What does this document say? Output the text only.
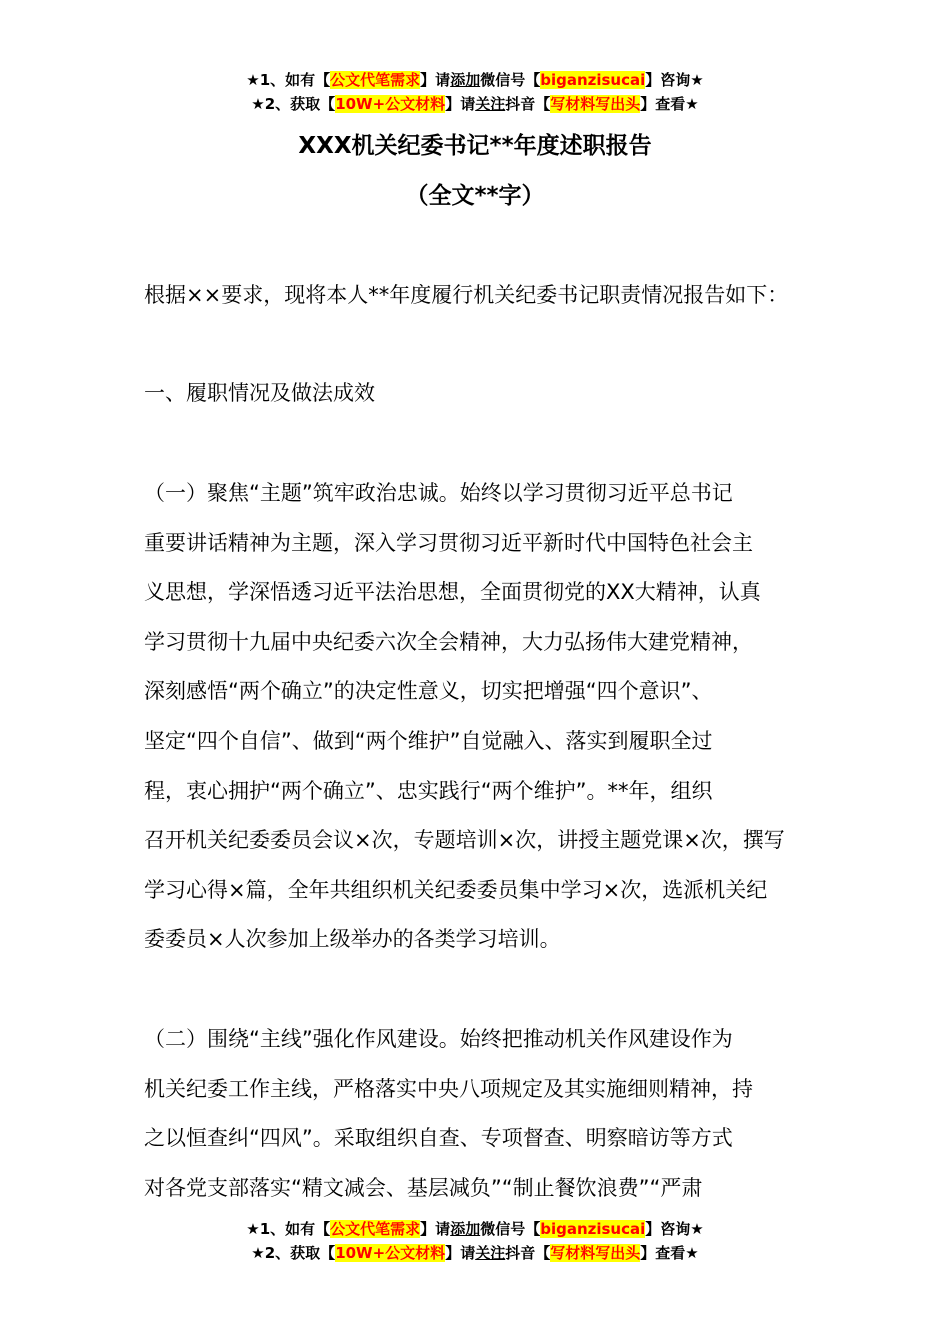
★1、如有【公文代笔需求】请添加微信号【biganzisucai】咨询★
★2、获取【10W+公文材料】请关注抖音【写材料写出头】查看★
XXX机关纪委书记**年度述职报告
（全文**字）

根据××要求，现将本人**年度履行机关纪委书记职责情况报告如下：

一、履职情况及做法成效

（一）聚焦“主题”筑牢政治忠诚。始终以学习贯彻习近平总书记
重要讲话精神为主题，深入学习贯彻习近平新时代中国特色社会主
义思想，学深悟透习近平法治思想，全面贯彻党的XX大精神，认真
学习贯彻十九届中央纪委六次全会精神，大力弘扬伟大建党精神，
深刻感悟“两个确立”的决定性意义，切实把增强“四个意识”、
坚定“四个自信”、做到“两个维护”自觉融入、落实到履职全过
程，衷心拥护“两个确立”、忠实践行“两个维护”。**年，组织
召开机关纪委委员会议×次，专题培训×次，讲授主题党课×次，撰写
学习心得×篇，全年共组织机关纪委委员集中学习×次，选派机关纪
委委员×人次参加上级举办的各类学习培训。
（二）围绕“主线”强化作风建设。始终把推动机关作风建设作为
机关纪委工作主线，严格落实中央八项规定及其实施细则精神，持
之以恒查纠“四风”。采取组织自查、专项督查、明察暗访等方式
对各党支部落实“精文减会、基层减负”“制止餐饮浪费”“严肃
★1、如有【公文代笔需求】请添加微信号【biganzisucai】咨询★
★2、获取【10W+公文材料】请关注抖音【写材料写出头】查看★
